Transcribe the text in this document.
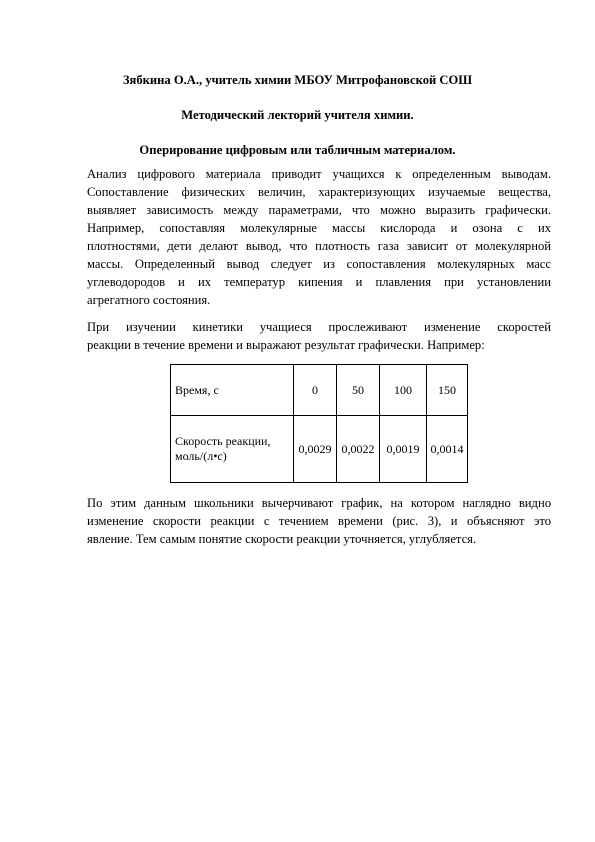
Зябкина О.А., учитель химии МБОУ Митрофановской СОШ
Методический лекторий учителя химии.
Оперирование цифровым или табличным материалом.
Анализ цифрового материала приводит учащихся к определенным выводам.
Сопоставление физических величин, характеризующих изучаемые вещества,
выявляет зависимость между параметрами, что можно выразить графически.
Например, сопоставляя молекулярные массы кислорода и озона с их
плотностями, дети делают вывод, что плотность газа зависит от молекулярной
массы. Определенный вывод следует из сопоставления молекулярных масс
углеводородов и их температур кипения и плавления при установлении
агрегатного состояния.
При изучении кинетики учащиеся прослеживают изменение скоростей
реакции в течение времени и выражают результат графически. Например:
Время, с	0	50	100	150
Скорость реакции,
моль/(л•с)	0,0029	0,0022	0,0019	0,0014
По этим данным школьники вычерчивают график, на котором наглядно видно
изменение скорости реакции с течением времени (рис. 3), и объясняют это
явление. Тем самым понятие скорости реакции уточняется, углубляется.
